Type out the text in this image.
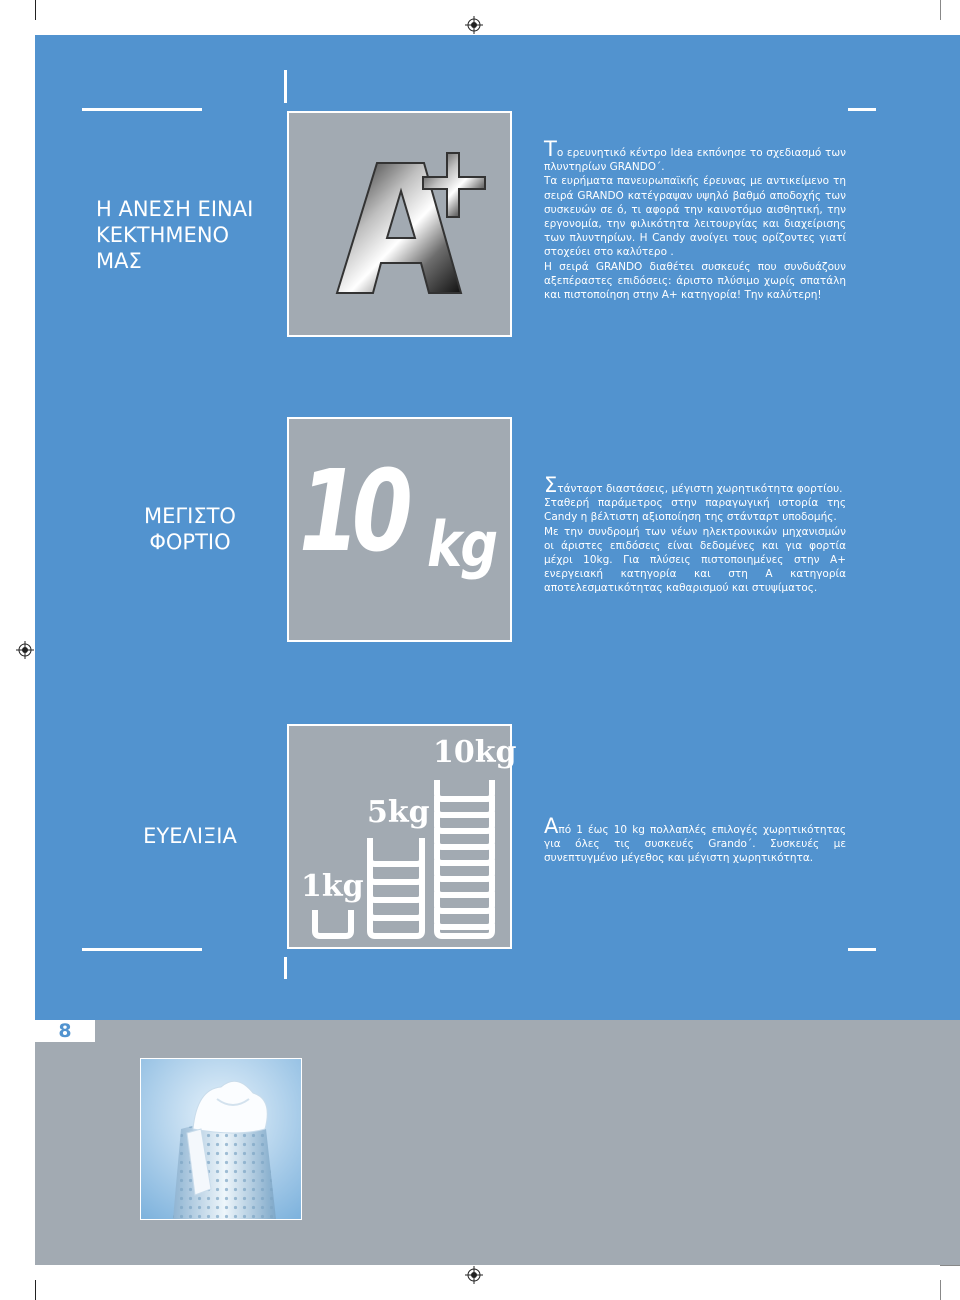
Η ΑΝΕΣΗ ΕΙΝΑΙ ΚΕΚΤΗΜΕΝΟ ΜΑΣ

Το ερευνητικό κέντρο Idea εκπόνησε το σχεδιασμό των πλυντηρίων GRANDO΄.

Τα ευρήματα πανευρωπαϊκής έρευνας με αντικείμενο τη σειρά GRANDO κατέγραψαν υψηλό βαθμό αποδοχής των συσκευών σε ό, τι αφορά την καινοτόμο αισθητική, την εργονομία, την φιλικότητα λειτουργίας και διαχείρισης των πλυντηρίων. Η Candy ανοίγει τους ορίζοντες γιατί στοχεύει στο καλύτερο .

Η σειρά GRANDO διαθέτει συσκευές που συνδυάζουν αξεπέραστες επιδόσεις: άριστο πλύσιμο χωρίς σπατάλη και πιστοποίηση στην A+ κατηγορία! Την καλύτερη!

ΜΕΓΙΣΤΟ ΦΟΡΤΙΟ 10 kg

Στάνταρτ διαστάσεις, μέγιστη χωρητικότητα φορτίου.

Σταθερή παράμετρος στην παραγωγική ιστορία της Candy η βέλτιστη αξιοποίηση της στάνταρτ υποδομής.

Με την συνδρομή των νέων ηλεκτρονικών μηχανισμών οι άριστες επιδόσεις είναι δεδομένες και για φορτία μέχρι 10kg. Για πλύσεις πιστοποιημένες στην A+ ενεργειακή κατηγορία και στη A κατηγορία αποτελεσματικότητας καθαρισμού και στυψίματος.

ΕΥΕΛΙΞΙΑ
1kg
5kg
10kg

Από 1 έως 10 kg πολλαπλές επιλογές χωρητικότητας για όλες τις συσκευές Grando΄. Συσκευές με συνεπτυγμένο μέγεθος και μέγιστη χωρητικότητα.

8
